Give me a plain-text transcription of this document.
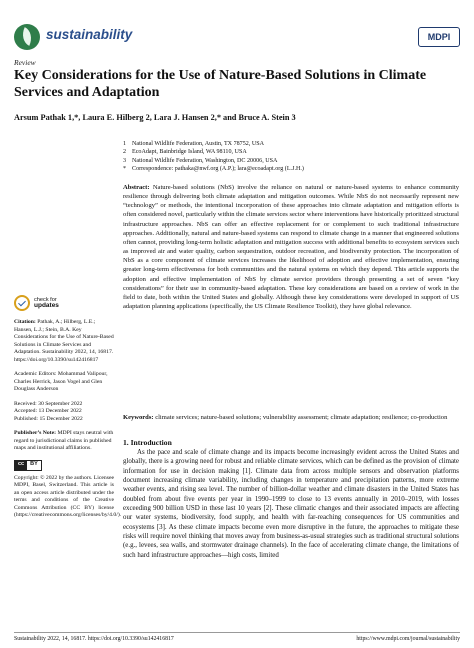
sustainability	MDPI
Review
Key Considerations for the Use of Nature-Based Solutions in Climate Services and Adaptation
Arsum Pathak 1,*, Laura E. Hilberg 2, Lara J. Hansen 2,* and Bruce A. Stein 3
1 National Wildlife Federation, Austin, TX 78752, USA
2 EcoAdapt, Bainbridge Island, WA 98110, USA
3 National Wildlife Federation, Washington, DC 20006, USA
* Correspondence: pathaka@nwf.org (A.P.); lara@ecoadapt.org (L.J.H.)
Abstract: Nature-based solutions (NbS) involve the reliance on natural or nature-based systems to enhance community resilience through delivering both climate adaptation and mitigation outcomes. While NbS do not necessarily represent new “technology” or methods, the intentional incorporation of these approaches into climate adaptation and mitigation efforts is often considered novel, particularly within the climate services sector where interventions have historically prioritized structural infrastructure approaches. NbS can offer an effective replacement for or complement to such traditional infrastructure approaches. Additionally, natural and nature-based systems can respond to climate change in a manner that engineered solutions often cannot, providing long-term holistic adaptation and mitigation success with additional benefits to ecosystem services such as improved air and water quality, carbon sequestration, outdoor recreation, and biodiversity protection. The incorporation of NbS as a core component of climate services increases the likelihood of adoption and effective implementation, ensuring greater long-term effectiveness for both communities and the natural systems on which they depend. This article supports the adoption and effective implementation of NbS by climate service providers through presenting a set of seven “key considerations” for their use in community-based adaptation. These key considerations are based on a review of work in the field to date, both within the United States and globally. Although these key considerations were developed in support of US adaptation planning applications (specifically, the US Climate Resilience Toolkit), they have global relevance.
Keywords: climate services; nature-based solutions; vulnerability assessment; climate adaptation; resilience; co-production
1. Introduction
As the pace and scale of climate change and its impacts become increasingly evident across the United States and globally, there is a growing need for robust and reliable climate services, which can be defined as the provision of climate information for use in decision making [1]. Climate data from across multiple sensors and observation platforms document increasing climate variability, including changes in temperature and precipitation patterns, more extreme weather events, and rising sea level. The number of billion-dollar weather and climate disasters in the United States has doubled from about five events per year in 1990–1999 to close to 13 events annually in 2010–2019, with losses exceeding 900 billion USD in these last 10 years [2]. These climatic changes and their associated impacts are affecting our water systems, biodiversity, food supply, and health with far-reaching consequences for US communities and ecosystems [3]. As these climate impacts become even more disruptive in the future, the approaches to mitigate these risks will require novel thinking that moves away from business-as-usual strategies such as traditional structural solutions (e.g., levees, sea walls, and stormwater drainage channels). In the face of accelerating climate change, the limitations of such hard infrastructure approaches—high costs, limited
check for
updates
Citation: Pathak, A.; Hilberg, L.E.; Hansen, L.J.; Stein, B.A. Key Considerations for the Use of Nature-Based Solutions in Climate Services and Adaptation. Sustainability 2022, 14, 16817. https://doi.org/10.3390/su142416817
Academic Editors: Mohammad Valipour, Charles Herrick, Jason Vogel and Glen Douglass Anderson
Received: 30 September 2022
Accepted: 13 December 2022
Published: 15 December 2022
Publisher’s Note: MDPI stays neutral with regard to jurisdictional claims in published maps and institutional affiliations.
cc	BY
Copyright: © 2022 by the authors. Licensee MDPI, Basel, Switzerland. This article is an open access article distributed under the terms and conditions of the Creative Commons Attribution (CC BY) license (https://creativecommons.org/licenses/by/4.0/).
Sustainability 2022, 14, 16817. https://doi.org/10.3390/su142416817	https://www.mdpi.com/journal/sustainability
